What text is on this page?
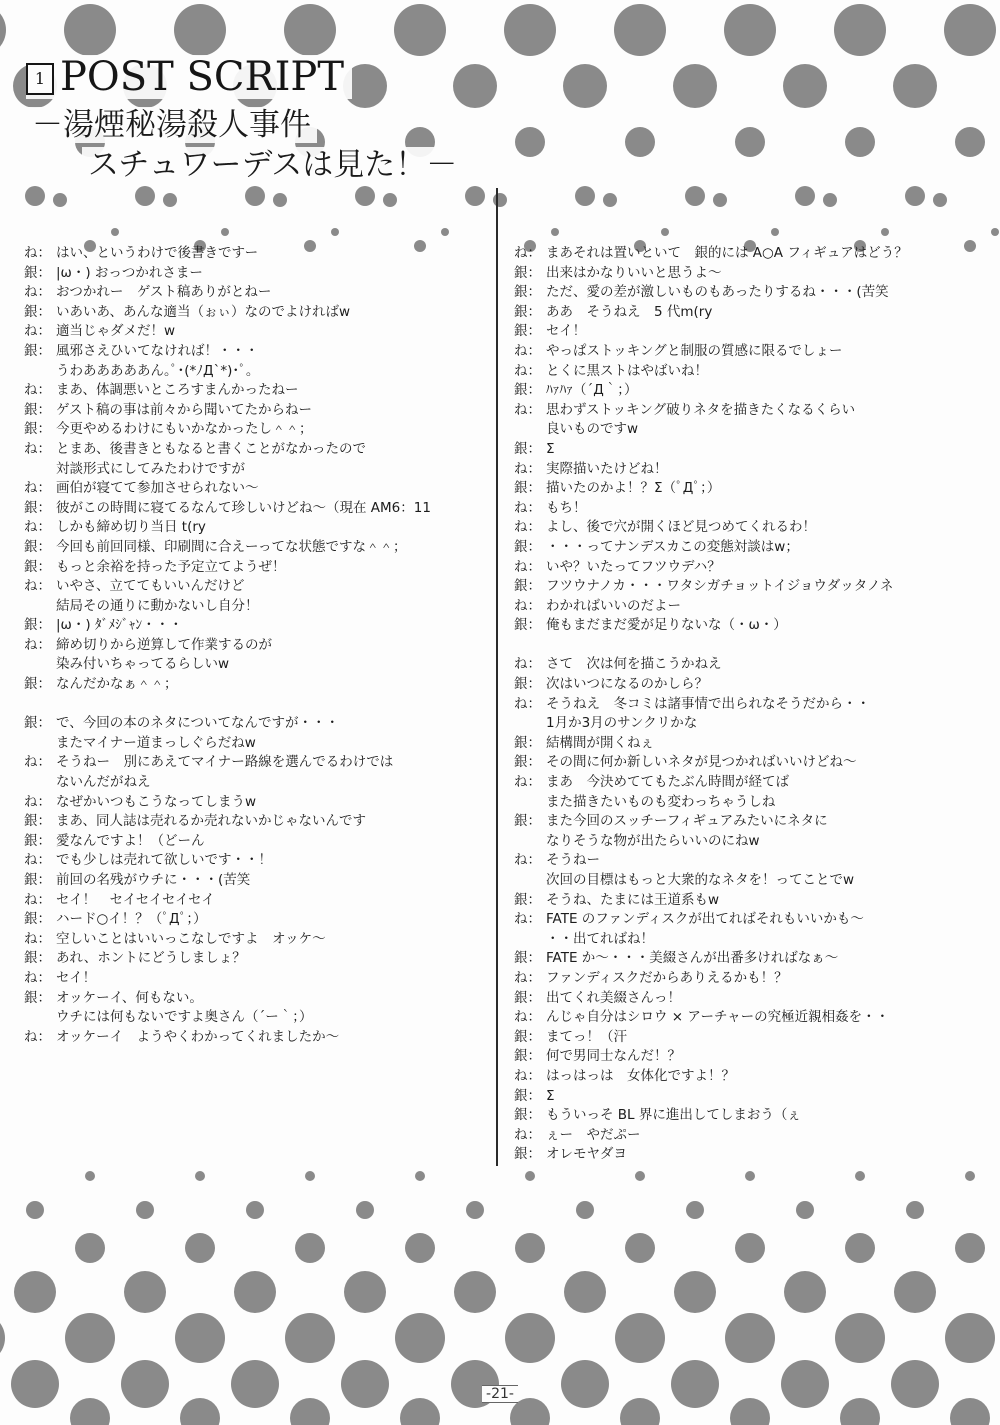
1 POST SCRIPT
－湯煙秘湯殺人事件
スチュワーデスは見た！－
ね： はい、というわけで後書きですー
銀： |ω・) おっつかれさまー
ね： おつかれー　ゲスト稿ありがとねー
銀： いあいあ、あんな適当（ぉぃ）なのでよければw
ね： 適当じゃダメだ！w
銀： 風邪さえひいてなければ！・・・
うわあああああん｡ﾟ･(*ﾉД`*)･ﾟ｡
ね： まあ、体調悪いところすまんかったねー
銀： ゲスト稿の事は前々から聞いてたからねー
銀： 今更やめるわけにもいかなかったし＾＾；
ね： とまあ、後書きともなると書くことがなかったので
対談形式にしてみたわけですが
ね： 画伯が寝てて参加させられない～
銀： 彼がこの時間に寝てるなんて珍しいけどね～（現在 AM6：11
ね： しかも締め切り当日 t(ry
銀： 今回も前回同様、印刷間に合えーってな状態ですな＾＾；
銀： もっと余裕を持った予定立てようぜ！
ね： いやさ、立ててもいいんだけど
結局その通りに動かないし自分！
銀： |ω・) ﾀﾞﾒｼﾞｬﾝ・・・
ね： 締め切りから逆算して作業するのが
染み付いちゃってるらしいw
銀： なんだかなぁ＾＾；
銀： で、今回の本のネタについてなんですが・・・
またマイナー道まっしぐらだねw
ね： そうねー　別にあえてマイナー路線を選んでるわけでは
ないんだがねえ
ね： なぜかいつもこうなってしまうw
銀： まあ、同人誌は売れるか売れないかじゃないんです
銀： 愛なんですよ！（どーん
ね： でも少しは売れて欲しいです・・！
銀： 前回の名残がウチに・・・(苦笑
ね： セイ！　セイセイセイセイ
銀： ハード○イ！？（ﾟДﾟ；）
ね： 空しいことはいいっこなしですよ　オッケ～
銀： あれ、ホントにどうしましょ？
ね： セイ！
銀： オッケーイ、何もない。
ウチには何もないですよ奥さん（´ー｀；）
ね： オッケーイ　ようやくわかってくれましたか～
ね： まあそれは置いといて　銀的には A○A フィギュアはどう？
銀： 出来はかなりいいと思うよ～
銀： ただ、愛の差が激しいものもあったりするね・・・(苦笑
銀： ああ　そうねえ　5 代m(ry
銀： セイ！
ね： やっぱストッキングと制服の質感に限るでしょー
ね： とくに黒ストはやばいね！
銀： ﾊｧﾊｧ（´Д｀；）
ね： 思わずストッキング破りネタを描きたくなるくらい
良いものですw
銀： Σ
ね： 実際描いたけどね！
銀： 描いたのかよ！？Σ（ﾟДﾟ；）
ね： もち！
ね： よし、後で穴が開くほど見つめてくれるわ！
銀： ・・・ってナンデスカこの変態対談はw；
ね： いや？いたってフツウデハ？
銀： フツウナノカ・・・ワタシガチョットイジョウダッタノネ
ね： わかればいいのだよー
銀： 俺もまだまだ愛が足りないな（・ω・）
ね： さて　次は何を描こうかねえ
銀： 次はいつになるのかしら？
ね： そうねえ　冬コミは諸事情で出られなそうだから・・
1月か3月のサンクリかな
銀： 結構間が開くねぇ
銀： その間に何か新しいネタが見つかればいいけどね～
ね： まあ　今決めててもたぶん時間が経てば
また描きたいものも変わっちゃうしね
銀： また今回のスッチーフィギュアみたいにネタに
なりそうな物が出たらいいのにねw
ね： そうねー
次回の目標はもっと大衆的なネタを！ってことでw
銀： そうね、たまには王道系もw
ね： FATE のファンディスクが出てればそれもいいかも～
・・出てればね！
銀： FATE か～・・・美綴さんが出番多ければなぁ～
ね： ファンディスクだからありえるかも！？
銀： 出てくれ美綴さんっ！
ね： んじゃ自分はシロウ × アーチャーの究極近親相姦を・・
銀： まてっ！（汗
銀： 何で男同士なんだ！？
ね： はっはっは　女体化ですよ！？
銀： Σ
銀： もういっそ BL 界に進出してしまおう（ぇ
ね： ぇー　やだぷー
銀： オレモヤダヨ
-21-
